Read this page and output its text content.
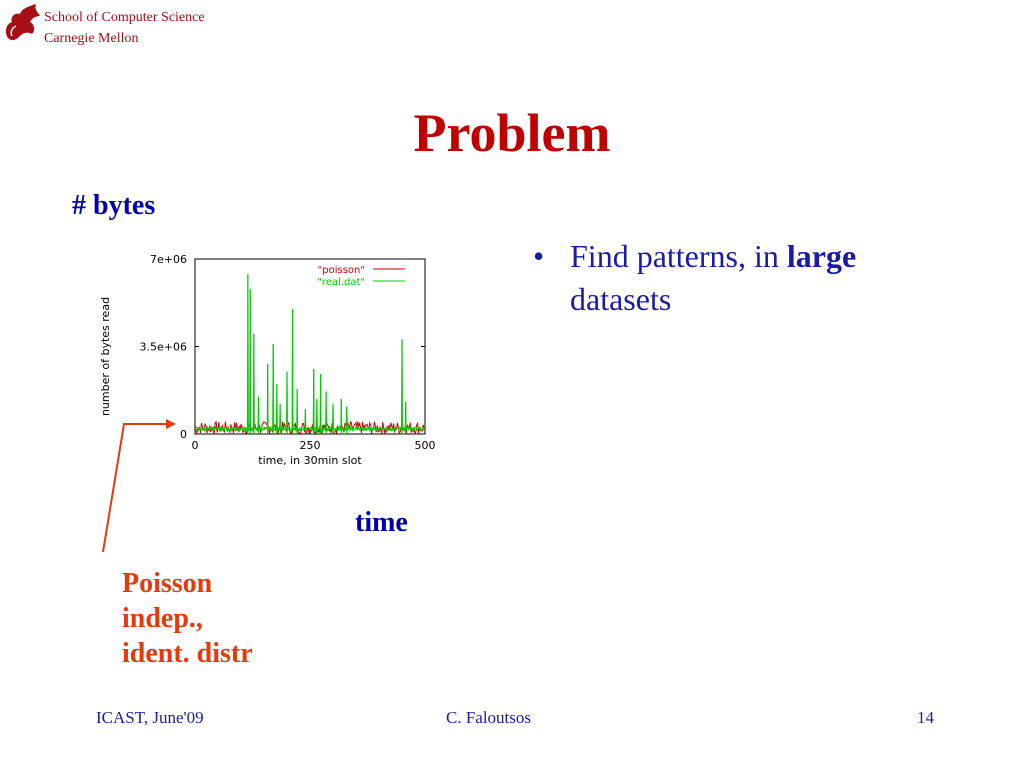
School of Computer Science
Carnegie Mellon
Problem
# bytes
time
0
3.5e+06
7e+06
0	250	500
time, in 30min slot
number of bytes read
"poisson"
"real.dat"
Poisson
indep.,
ident. distr
• Find patterns, in large datasets
ICAST, June'09	C. Faloutsos	14
